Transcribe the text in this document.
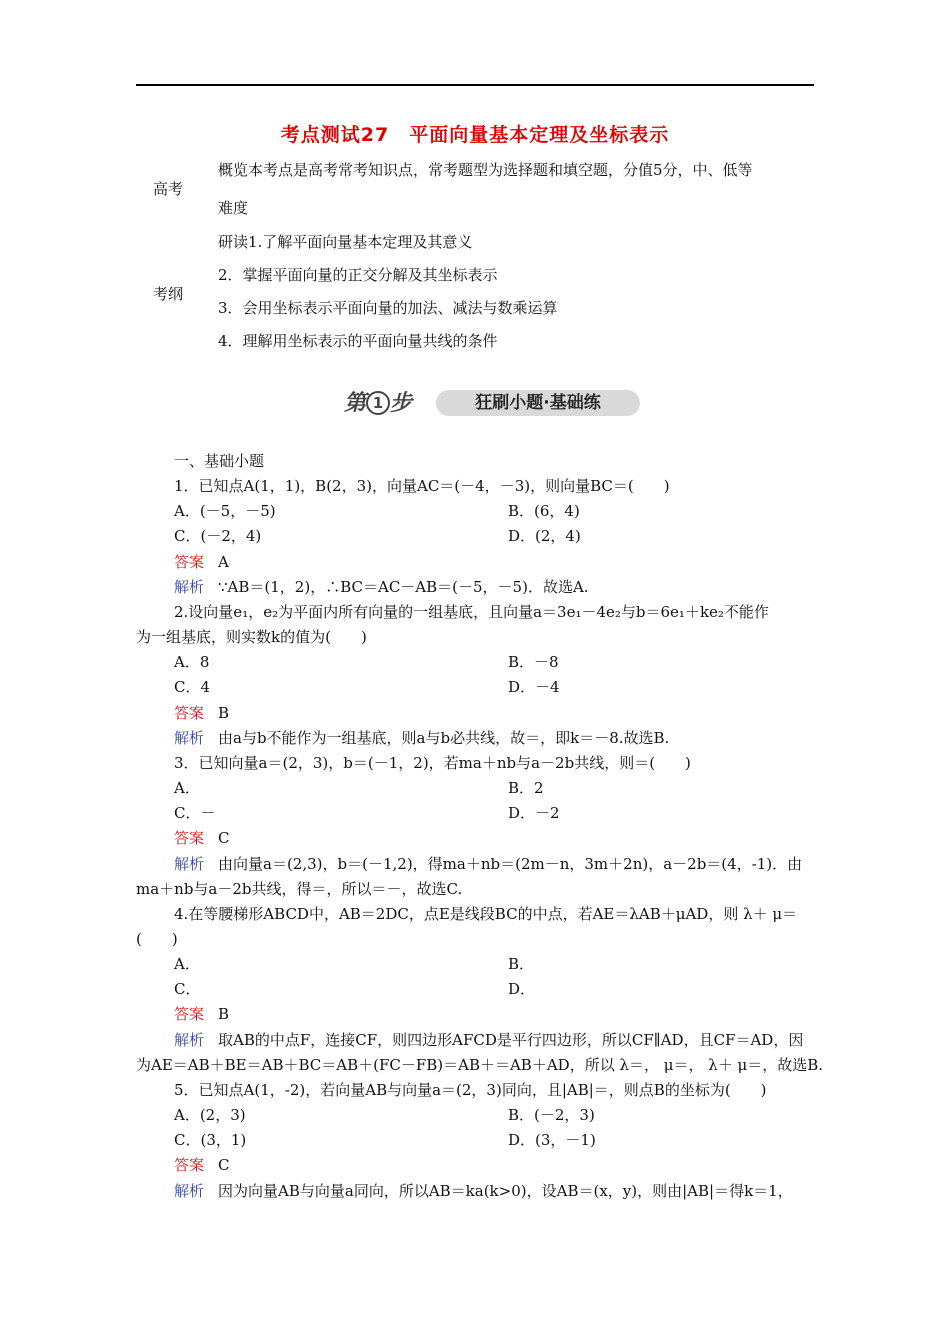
考点测试27　平面向量基本定理及坐标表示
高考
概览本考点是高考常考知识点，常考题型为选择题和填空题，分值5分，中、低等
难度
考纲
研读1.了解平面向量基本定理及其意义
2．掌握平面向量的正交分解及其坐标表示
3．会用坐标表示平面向量的加法、减法与数乘运算
4．理解用坐标表示的平面向量共线的条件
第 1 步	狂刷小题·基础练
一、基础小题
1．已知点A(1，1)，B(2，3)，向量AC＝(－4，－3)，则向量BC＝(　　)
A．(－5，－5)	B．(6，4)
C．(－2，4)	D．(2，4)
答案 A
解析 ∵AB＝(1，2)，∴BC＝AC－AB＝(－5，－5)．故选A.
2.设向量e₁，e₂为平面内所有向量的一组基底，且向量a＝3e₁－4e₂与b＝6e₁＋ke₂不能作
为一组基底，则实数k的值为(　　)
A．8	B．－8
C．4	D．－4
答案 B
解析 由a与b不能作为一组基底，则a与b必共线，故＝，即k＝－8.故选B.
3．已知向量a＝(2，3)，b＝(－1，2)，若ma＋nb与a－2b共线，则＝(　　)
A．	B．2
C．－	D．－2
答案 C
解析 由向量a＝(2,3)，b＝(－1,2)，得ma＋nb＝(2m－n，3m＋2n)，a－2b＝(4，-1)．由
ma＋nb与a－2b共线，得＝，所以＝－，故选C.
4.在等腰梯形ABCD中，AB＝2DC，点E是线段BC的中点，若AE＝λAB＋μAD，则 λ＋ μ＝
(　　)
A．	B．
C．	D．
答案 B
解析 取AB的中点F，连接CF，则四边形AFCD是平行四边形，所以CF∥AD，且CF＝AD，因
为AE＝AB＋BE＝AB＋BC＝AB＋(FC－FB)＝AB＋＝AB＋AD，所以 λ＝， μ＝， λ＋ μ＝，故选B.
5．已知点A(1，-2)，若向量AB与向量a＝(2，3)同向，且|AB|＝，则点B的坐标为(　　)
A．(2，3)	B．(－2，3)
C．(3，1)	D．(3，－1)
答案 C
解析 因为向量AB与向量a同向，所以AB＝ka(k>0)，设AB＝(x，y)，则由|AB|＝得k＝1，
